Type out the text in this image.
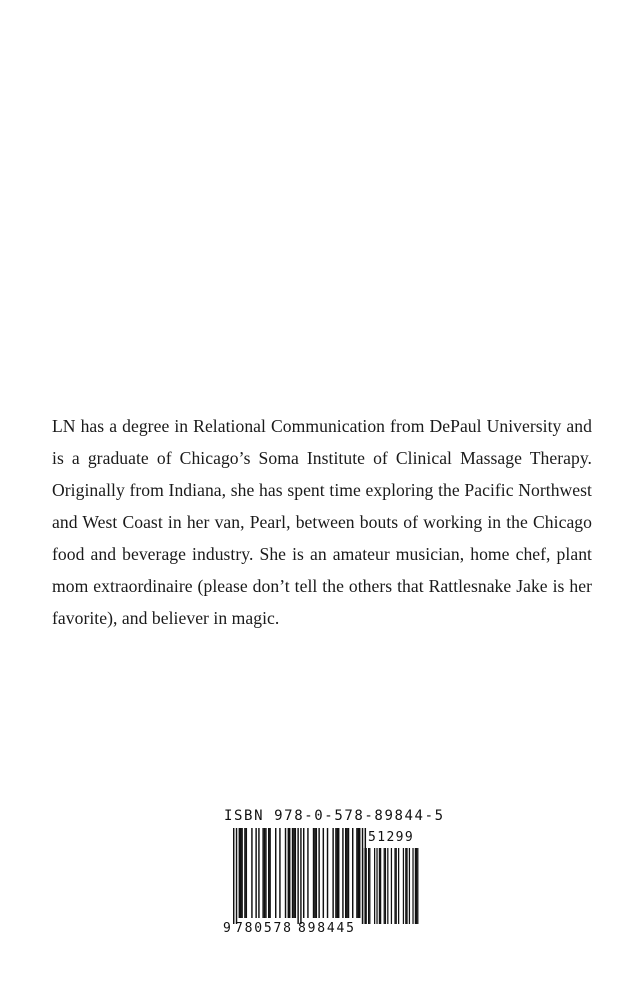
LN has a degree in Relational Communication from DePaul University and is a graduate of Chicago’s Soma Institute of Clinical Massage Therapy. Originally from Indiana, she has spent time exploring the Pacific Northwest and West Coast in her van, Pearl, between bouts of working in the Chicago food and beverage industry. She is an amateur musician, home chef, plant mom extraordinaire (please don’t tell the others that Rattlesnake Jake is her favorite), and believer in magic.

ISBN 978-0-578-89844-5

51299

9 780578 898445
